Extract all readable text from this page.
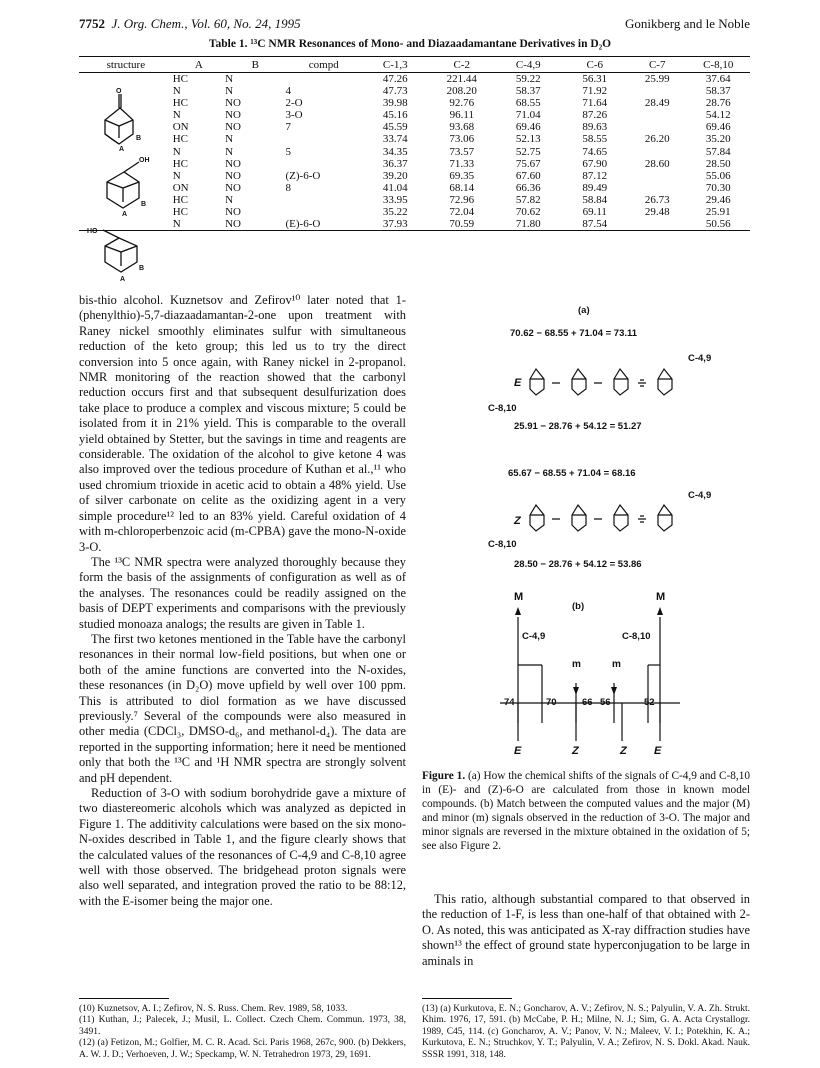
7752 J. Org. Chem., Vol. 60, No. 24, 1995	Gonikberg and le Noble
Table 1. ¹³C NMR Resonances of Mono- and Diazaadamantane Derivatives in D₂O
structure	A	B	compd	C-1,3	C-2	C-4,9	C-6	C-7	C-8,10
	HC	N		47.26	221.44	59.22	56.31	25.99	37.64
	N	N	4	47.73	208.20	58.37	71.92		58.37
	HC	NO	2-O	39.98	92.76	68.55	71.64	28.49	28.76
	N	NO	3-O	45.16	96.11	71.04	87.26		54.12
	ON	NO	7	45.59	93.68	69.46	89.63		69.46
	HC	N		33.74	73.06	52.13	58.55	26.20	35.20
	N	N	5	34.35	73.57	52.75	74.65		57.84
	HC	NO		36.37	71.33	75.67	67.90	28.60	28.50
	N	NO	(Z)-6-O	39.20	69.35	67.60	87.12		55.06
	ON	NO	8	41.04	68.14	66.36	89.49		70.30
	HC	N		33.95	72.96	57.82	58.84	26.73	29.46
	HC	NO		35.22	72.04	70.62	69.11	29.48	25.91
	N	NO	(E)-6-O	37.93	70.59	71.80	87.54		50.56
O
B
A
OH
B
A
HO
B
A

bis-thio alcohol. Kuznetsov and Zefirov¹⁰ later noted that 1-(phenylthio)-5,7-diazaadamantan-2-one upon treatment with Raney nickel smoothly eliminates sulfur with simultaneous reduction of the keto group; this led us to try the direct conversion into 5 once again, with Raney nickel in 2-propanol. NMR monitoring of the reaction showed that the carbonyl reduction occurs first and that subsequent desulfurization does take place to produce a complex and viscous mixture; 5 could be isolated from it in 21% yield. This is comparable to the overall yield obtained by Stetter, but the savings in time and reagents are considerable. The oxidation of the alcohol to give ketone 4 was also improved over the tedious procedure of Kuthan et al.,¹¹ who used chromium trioxide in acetic acid to obtain a 48% yield. Use of silver carbonate on celite as the oxidizing agent in a very simple procedure¹² led to an 83% yield. Careful oxidation of 4 with m-chloroperbenzoic acid (m-CPBA) gave the mono-N-oxide 3-O.

The ¹³C NMR spectra were analyzed thoroughly because they form the basis of the assignments of configuration as well as of the analyses. The resonances could be readily assigned on the basis of DEPT experiments and comparisons with the previously studied monoaza analogs; the results are given in Table 1.

The first two ketones mentioned in the Table have the carbonyl resonances in their normal low-field positions, but when one or both of the amine functions are converted into the N-oxides, these resonances (in D₂O) move upfield by well over 100 ppm. This is attributed to diol formation as we have discussed previously.⁷ Several of the compounds were also measured in other media (CDCl₃, DMSO-d₆, and methanol-d₄). The data are reported in the supporting information; here it need be mentioned only that both the ¹³C and ¹H NMR spectra are strongly solvent and pH dependent.

Reduction of 3-O with sodium borohydride gave a mixture of two diastereomeric alcohols which was analyzed as depicted in Figure 1. The additivity calculations were based on the six mono-N-oxides described in Table 1, and the figure clearly shows that the calculated values of the resonances of C-4,9 and C-8,10 agree well with those observed. The bridgehead proton signals were also well separated, and integration proved the ratio to be 88:12, with the E-isomer being the major one.

(a)
70.62 − 68.55 + 71.04 = 73.11
C-4,9
E
C-8,10
25.91 − 28.76 + 54.12 = 51.27
65.67 − 68.55 + 71.04 = 68.16
C-4,9
Z
C-8,10
28.50 − 28.76 + 54.12 = 53.86
M	M
(b)
C-4,9	C-8,10
m	m
74	70	66 56	52
E	Z	Z E
Figure 1. (a) How the chemical shifts of the signals of C-4,9 and C-8,10 in (E)- and (Z)-6-O are calculated from those in known model compounds. (b) Match between the computed values and the major (M) and minor (m) signals observed in the reduction of 3-O. The major and minor signals are reversed in the mixture obtained in the oxidation of 5; see also Figure 2.

This ratio, although substantial compared to that observed in the reduction of 1-F, is less than one-half of that obtained with 2-O. As noted, this was anticipated as X-ray diffraction studies have shown¹³ the effect of ground state hyperconjugation to be large in aminals in

(10) Kuznetsov, A. I.; Zefirov, N. S. Russ. Chem. Rev. 1989, 58, 1033.
(11) Kuthan, J.; Palecek, J.; Musil, L. Collect. Czech Chem. Commun. 1973, 38, 3491.
(12) (a) Fetizon, M.; Golfier, M. C. R. Acad. Sci. Paris 1968, 267c, 900. (b) Dekkers, A. W. J. D.; Verhoeven, J. W.; Speckamp, W. N. Tetrahedron 1973, 29, 1691.
(13) (a) Kurkutova, E. N.; Goncharov, A. V.; Zefirov, N. S.; Palyulin, V. A. Zh. Strukt. Khim. 1976, 17, 591. (b) McCabe, P. H.; Milne, N. J.; Sim, G. A. Acta Crystallogr. 1989, C45, 114. (c) Goncharov, A. V.; Panov, V. N.; Maleev, V. I.; Potekhin, K. A.; Kurkutova, E. N.; Struchkov, Y. T.; Palyulin, V. A.; Zefirov, N. S. Dokl. Akad. Nauk. SSSR 1991, 318, 148.
